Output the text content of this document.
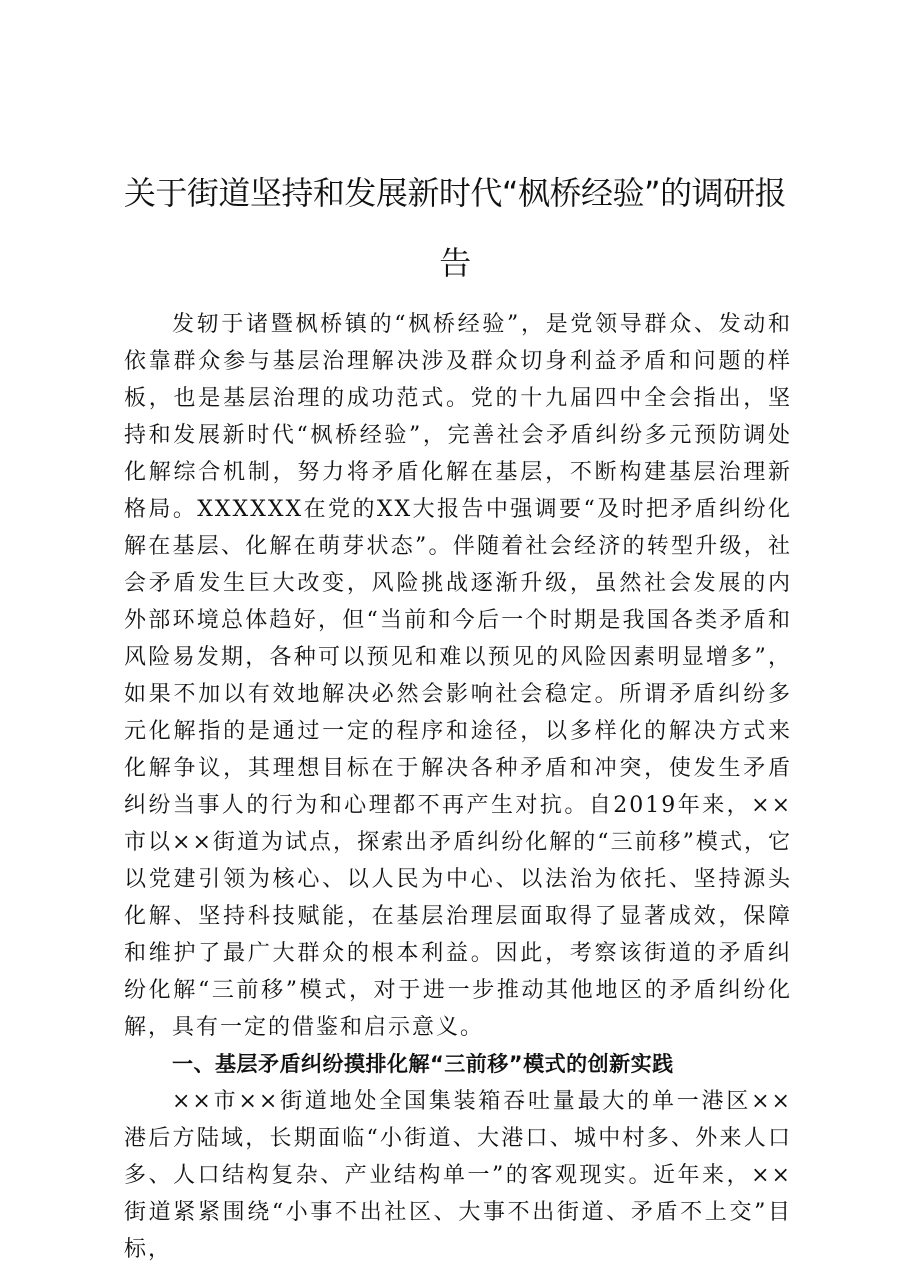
关于街道坚持和发展新时代“枫桥经验”的调研报告

发轫于诸暨枫桥镇的“枫桥经验”，是党领导群众、发动和依靠群众参与基层治理解决涉及群众切身利益矛盾和问题的样板，也是基层治理的成功范式。党的十九届四中全会指出，坚持和发展新时代“枫桥经验”，完善社会矛盾纠纷多元预防调处化解综合机制，努力将矛盾化解在基层，不断构建基层治理新格局。XXXXXX在党的XX大报告中强调要“及时把矛盾纠纷化解在基层、化解在萌芽状态”。伴随着社会经济的转型升级，社会矛盾发生巨大改变，风险挑战逐渐升级，虽然社会发展的内外部环境总体趋好，但“当前和今后一个时期是我国各类矛盾和风险易发期，各种可以预见和难以预见的风险因素明显增多”，如果不加以有效地解决必然会影响社会稳定。所谓矛盾纠纷多元化解指的是通过一定的程序和途径，以多样化的解决方式来化解争议，其理想目标在于解决各种矛盾和冲突，使发生矛盾纠纷当事人的行为和心理都不再产生对抗。自2019年来，××市以××街道为试点，探索出矛盾纠纷化解的“三前移”模式，它以党建引领为核心、以人民为中心、以法治为依托、坚持源头化解、坚持科技赋能，在基层治理层面取得了显著成效，保障和维护了最广大群众的根本利益。因此，考察该街道的矛盾纠纷化解“三前移”模式，对于进一步推动其他地区的矛盾纠纷化解，具有一定的借鉴和启示意义。

一、基层矛盾纠纷摸排化解“三前移”模式的创新实践

××市××街道地处全国集装箱吞吐量最大的单一港区××港后方陆域，长期面临“小街道、大港口、城中村多、外来人口多、人口结构复杂、产业结构单一”的客观现实。近年来，××街道紧紧围绕“小事不出社区、大事不出街道、矛盾不上交”目标，
